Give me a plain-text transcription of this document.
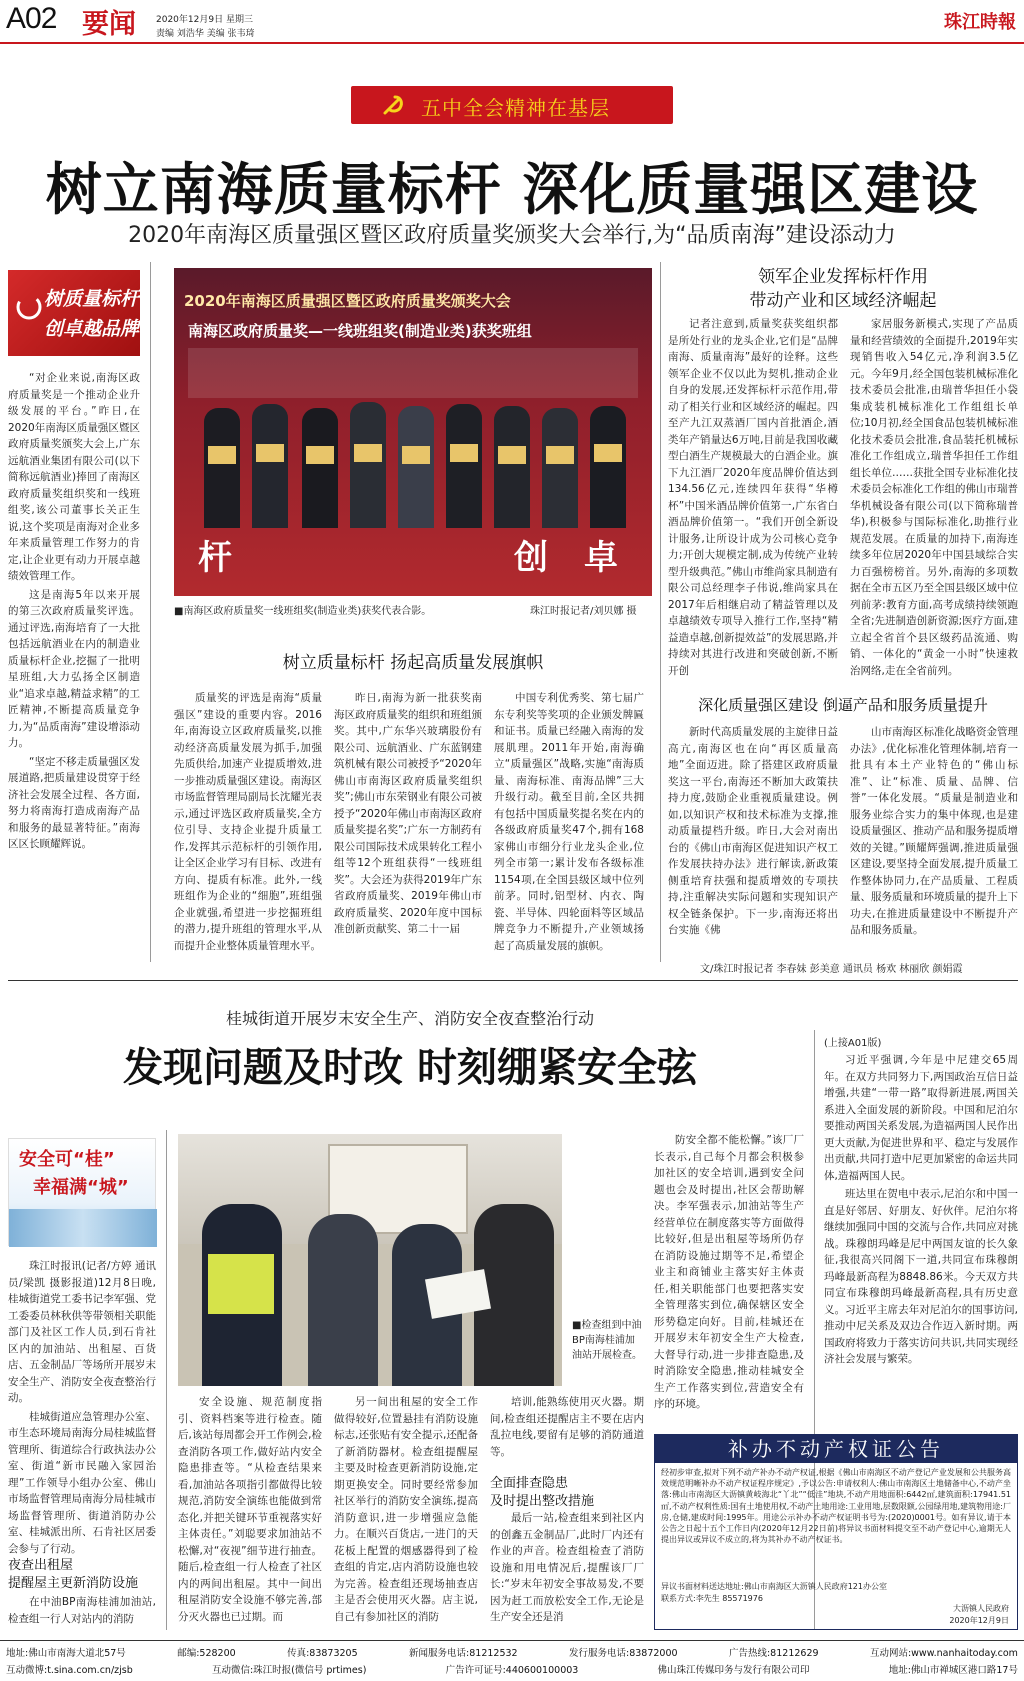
A02 要闻 2020年12月9日 星期三
责编 刘浩华 美编 张韦琦
珠江時報
五中全会精神在基层
树立南海质量标杆 深化质量强区建设
2020年南海区质量强区暨区政府质量奖颁奖大会举行,为“品质南海”建设添动力
树质量标杆
创卓越品牌

“对企业来说,南海区政府质量奖是一个推动企业升级发展的平台。”昨日,在2020年南海区质量强区暨区政府质量奖颁奖大会上,广东远航酒业集团有限公司(以下简称远航酒业)捧回了南海区政府质量奖组织奖和一线班组奖,该公司董事长关正生说,这个奖项是南海对企业多年来质量管理工作努力的肯定,让企业更有动力开展卓越绩效管理工作。

这是南海5年以来开展的第三次政府质量奖评选。通过评选,南海培育了一大批包括远航酒业在内的制造业质量标杆企业,挖掘了一批明星班组,大力弘扬全区制造业“追求卓越,精益求精”的工匠精神,不断提高质量竞争力,为“品质南海”建设增添动力。

“坚定不移走质量强区发展道路,把质量建设贯穿于经济社会发展全过程、各方面,努力将南海打造成南海产品和服务的最显著特征。”南海区区长顾耀辉说。

2020年南海区质量强区暨区政府质量奖颁奖大会
南海区政府质量奖—一线班组奖(制造业类)获奖班组
杆	创 卓
■南海区政府质量奖一线班组奖(制造业类)获奖代表合影。	珠江时报记者/刘贝娜 摄
树立质量标杆 扬起高质量发展旗帜

质量奖的评选是南海“质量强区”建设的重要内容。2016年,南海设立区政府质量奖,以推动经济高质量发展为抓手,加强先质供给,加速产业提质增效,进一步推动质量强区建设。南海区市场监督管理局副局长沈耀光表示,通过评选区政府质量奖,全方位引导、支持企业提升质量工作,发挥其示范标杆的引领作用,让全区企业学习有目标、改进有方向、提质有标准。此外,一线班组作为企业的“细胞”,班组强企业就强,希望进一步挖掘班组的潜力,提升班组的管理水平,从而提升企业整体质量管理水平。

昨日,南海为新一批获奖南海区政府质量奖的组织和班组颁奖。其中,广东华兴玻璃股份有限公司、远航酒业、广东蓝钢建筑机械有限公司被授予“2020年佛山市南海区政府质量奖组织奖”;佛山市东荣钢业有限公司被授予“2020年佛山市南海区政府质量奖提名奖”;广东一方制药有限公司国际技术成果转化工程小组等12个班组获得“一线班组奖”。大会还为获得2019年广东省政府质量奖、2019年佛山市政府质量奖、2020年度中国标准创新贡献奖、第二十一届

中国专利优秀奖、第七届广东专利奖等奖项的企业颁发牌匾和证书。质量已经融入南海的发展肌理。2011年开始,南海确立“质量强区”战略,实施“南海质量、南海标准、南海品牌”三大升级行动。截至目前,全区共拥有包括中国质量奖提名奖在内的各级政府质量奖47个,拥有168家佛山市细分行业龙头企业,位列全市第一;累计发布各级标准1154项,在全国县级区域中位列前茅。同时,铝型材、内衣、陶瓷、半导体、四轮面料等区域品牌竞争力不断提升,产业领域扬起了高质量发展的旗帜。

领军企业发挥标杆作用
带动产业和区域经济崛起

记者注意到,质量奖获奖组织都是所处行业的龙头企业,它们是“品牌南海、质量南海”最好的诠释。这些领军企业不仅以此为契机,推动企业自身的发展,还发挥标杆示范作用,带动了相关行业和区域经济的崛起。四至产九江双蒸酒厂国内首批酒企,酒类年产销量达6万吨,目前是我国收藏型白酒生产规模最大的白酒企业。旗下九江酒厂2020年度品牌价值达到134.56亿元,连续四年获得“华樽杯”中国米酒品牌价值第一,广东省白酒品牌价值第一。“我们开创全新设计服务,让所设计成为公司核心竞争力;开创大规模定制,成为传统产业转型升级典范。”佛山市维尚家具制造有限公司总经理李子伟说,维尚家具在2017年后相继启动了精益管理以及卓越绩效专项导入推行工作,坚持“精益造卓越,创新提效益”的发展思路,并持续对其进行改进和突破创新,不断开创

家居服务新模式,实现了产品质量和经营绩效的全面提升,2019年实现销售收入54亿元,净利润3.5亿元。今年9月,经全国包装机械标准化技术委员会批准,由瑞普华担任小袋集成装机械标准化工作组组长单位;10月初,经全国食品包装机械标准化技术委员会批准,食品装托机械标准化工作组成立,瑞普华担任工作组组长单位……获批全国专业标准化技术委员会标准化工作组的佛山市瑞普华机械设备有限公司(以下简称瑞普华),积极参与国际标准化,助推行业规范发展。在质量的加持下,南海连续多年位居2020年中国县域综合实力百强榜榜首。另外,南海的多项数据在全市五区乃至全国县级区域中位列前茅:教育方面,高考成绩持续领跑全省;先进制造创新资源;医疗方面,建立起全省首个县区级药品流通、购销、一体化的“黄金一小时”快速救治网络,走在全省前列。

深化质量强区建设 倒逼产品和服务质量提升

新时代高质量发展的主旋律日益高亢,南海区也在向“再区质量高地”全面迈进。除了搭建区政府质量奖这一平台,南海还不断加大政策扶持力度,鼓励企业重视质量建设。例如,以知识产权和技术标准为支撑,推动质量提档升级。昨日,大会对南出台的《佛山市南海区促进知识产权工作发展扶持办法》进行解读,新政策侧重培育扶强和提质增效的专项扶持,注重解决实际问题和实现知识产权全链条保护。下一步,南海还将出台实施《佛

山市南海区标准化战略资金管理办法》,优化标准化管理体制,培育一批具有本土产业特色的“佛山标准”、让“标准、质量、品牌、信誉”一体化发展。“质量是制造业和服务业综合实力的集中体现,也是建设质量强区、推动产品和服务提质增效的关键。”顾耀辉强调,推进质量强区建设,要坚持全面发展,提升质量工作整体协同力,在产品质量、工程质量、服务质量和环境质量的提升上下功夫,在推进质量建设中不断提升产品和服务质量。

文/珠江时报记者 李春妹 彭美意 通讯员 杨欢 林丽欣 颜娟霞
桂城街道开展岁末安全生产、消防安全夜查整治行动
发现问题及时改 时刻绷紧安全弦
安全可“桂”
幸福满“城”

珠江时报讯(记者/方婷 通讯员/梁凯 摄影报道)12月8日晚,桂城街道党工委书记李军强、党工委委员林秋供等带领相关职能部门及社区工作人员,到石肯社区内的加油站、出租屋、百货店、五金制品厂等场所开展岁末安全生产、消防安全夜查整治行动。

桂城街道应急管理办公室、市生态环境局南海分局桂城监督管理所、街道综合行政执法办公室、街道“新市民融入家园治理”工作领导小组办公室、佛山市场监督管理局南海分局桂城市场监督管理所、街道消防办公室、桂城派出所、石肯社区居委会参与了行动。

夜查出租屋
提醒屋主更新消防设施

在中油BP南海桂浦加油站,检查组一行人对站内的消防

■检查组到中油BP南海桂浦加油站开展检查。

安全设施、规范制度指引、资料档案等进行检查。随后,该站每周都会开工作例会,检查消防各项工作,做好站内安全隐患排查等。“从检查结果来看,加油站各项指引都做得比较规范,消防安全演练也能做到常态化,并把关键环节重视落实好主体责任。”刘聪要求加油站不松懈,对“夜视”细节进行抽查。随后,检查组一行人检查了社区内的两间出租屋。其中一间出租屋消防安全设施不够完善,部分灭火器也已过期。而

另一间出租屋的安全工作做得较好,位置悬挂有消防设施标志,还张贴有安全提示,还配备了新消防器材。检查组提醒屋主要及时检查更新消防设施,定期更换安全。同时要经常参加社区举行的消防安全演练,提高消防意识,进一步增强应急能力。在顺兴百货店,一进门的天花板上配置的烟感器得到了检查组的肯定,店内消防设施也较为完善。检查组还现场抽查店主是否会使用灭火器。店主说,自己有参加社区的消防

培训,能熟练使用灭火器。期间,检查组还提醒店主不要在店内乱拉电线,要留有足够的消防通道等。

全面排查隐患
及时提出整改措施

最后一站,检查组来到社区内的创鑫五金制品厂,此时厂内还有作业的声音。检查组检查了消防设施和用电情况后,提醒该厂厂长:“岁末年初安全事故易发,不要因为赶工而放松安全工作,无论是生产安全还是消

防安全都不能松懈。”该厂厂长表示,自己每个月都会积极参加社区的安全培训,遇到安全问题也会及时提出,社区会帮助解决。李军强表示,加油站等生产经营单位在制度落实等方面做得比较好,但是出租屋等场所仍存在消防设施过期等不足,希望企业主和商铺业主落实好主体责任,相关职能部门也要把落实安全管理落实到位,确保辖区安全形势稳定向好。目前,桂城还在开展岁末年初安全生产大检查,大督导行动,进一步排查隐患,及时消除安全隐患,推动桂城安全生产工作落实到位,营造安全有序的环境。

(上接A01版)

习近平强调,今年是中尼建交65周年。在双方共同努力下,两国政治互信日益增强,共建“一带一路”取得新进展,两国关系进入全面发展的新阶段。中国和尼泊尔要推动两国关系发展,为造福两国人民作出更大贡献,为促进世界和平、稳定与发展作出贡献,共同打造中尼更加紧密的命运共同体,造福两国人民。

班达里在贺电中表示,尼泊尔和中国一直是好邻居、好朋友、好伙伴。尼泊尔将继续加强同中国的交流与合作,共同应对挑战。珠穆朗玛峰是尼中两国友谊的长久象征,我很高兴同阁下一道,共同宣布珠穆朗玛峰最新高程为8848.86米。今天双方共同宣布珠穆朗玛峰最新高程,具有历史意义。习近平主席去年对尼泊尔的国事访问,推动中尼关系及双边合作迈入新时期。两国政府将致力于落实访问共识,共同实现经济社会发展与繁荣。

补办不动产权证公告
经初步审查,拟对下列不动产补办不动产权证,根据《佛山市南海区不动产登记产业发展和公共服务高效规范明晰补办不动产权证程序规定》,予以公告:申请权利人:佛山市南海区土地储备中心,不动产坐落:佛山市南海区大沥镇黄岐海北“丫北”“低洼”地块,不动产用地面积:6442㎡,建筑面积:17941.51㎡,不动产权利性质:国有土地使用权,不动产土地用途:工业用地,层数限额,公园绿用地,建筑物用途:厂房,仓储,建成时间:1995年。用途公示补办不动产权证明书号为:(2020)0001号。如有异议,请于本公告之日起十五个工作日内(2020年12月22日前)将异议书面材料提交至不动产登记中心,逾期无人提出异议或异议不成立的,将为其补办不动产权证书。
异议书面材料送达地址:佛山市南海区大沥镇人民政府121办公室
联系方式:李先生 85571976
大沥镇人民政府
2020年12月9日
地址:佛山市南海大道北57号	邮编:528200	传真:83873205	新闻服务电话:81212532	发行服务电话:83872000	广告热线:81212629	互动网站:www.nanhaitoday.com
互动微博:t.sina.com.cn/zjsb	互动微信:珠江时报(微信号 prtimes)	广告许可证号:440600100003	佛山珠江传媒印务与发行有限公司印	地址:佛山市禅城区港口路17号
